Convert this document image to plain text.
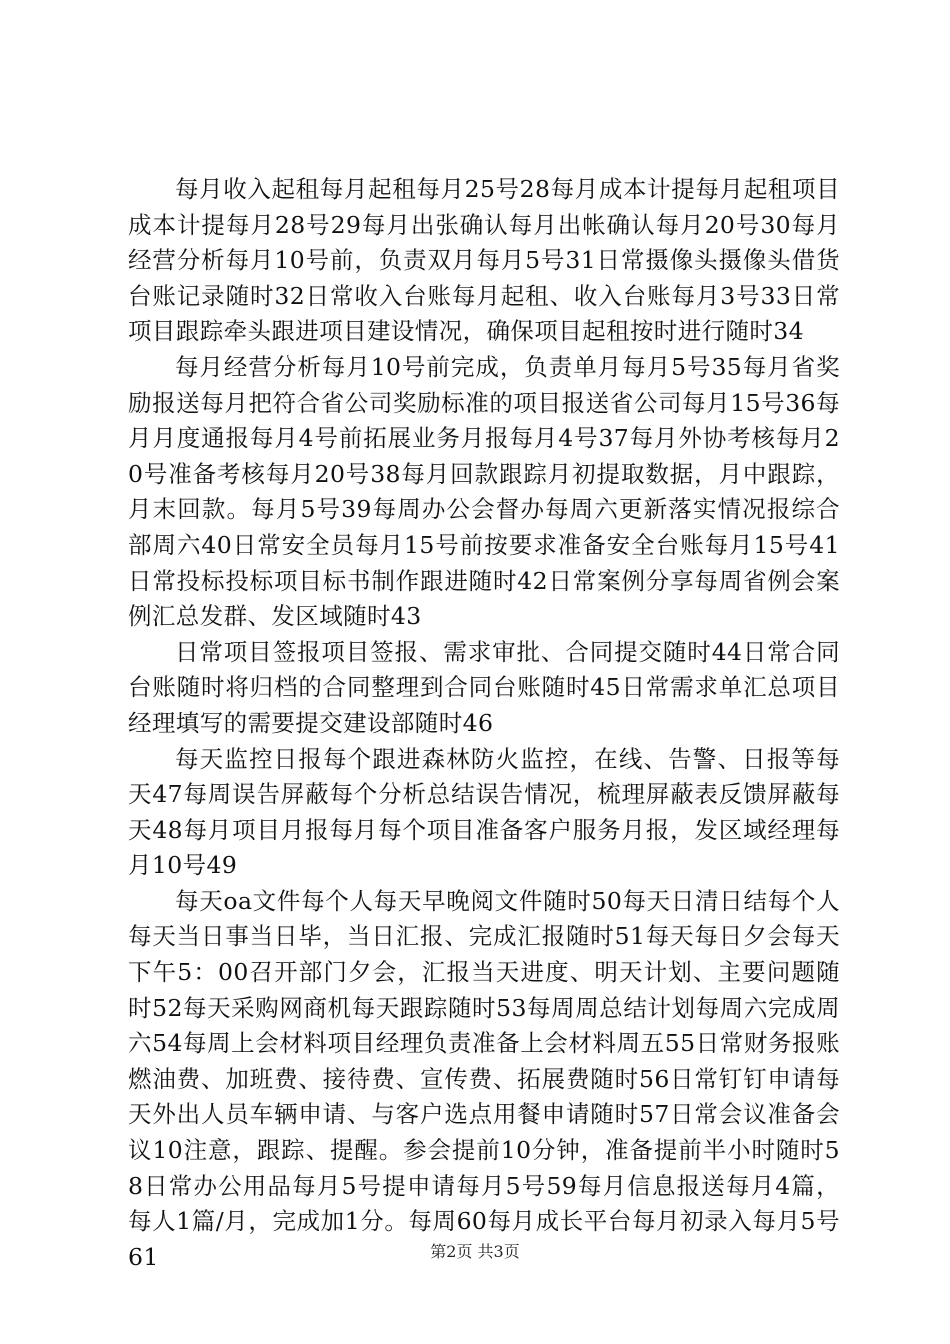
每月收入起租每月起租每月25号28每月成本计提每月起租项目成本计提每月28号29每月出张确认每月出帐确认每月20号30每月经营分析每月10号前，负责双月每月5号31日常摄像头摄像头借货台账记录随时32日常收入台账每月起租、收入台账每月3号33日常项目跟踪牵头跟进项目建设情况，确保项目起租按时进行随时34

每月经营分析每月10号前完成，负责单月每月5号35每月省奖励报送每月把符合省公司奖励标准的项目报送省公司每月15号36每月月度通报每月4号前拓展业务月报每月4号37每月外协考核每月20号准备考核每月20号38每月回款跟踪月初提取数据，月中跟踪，月末回款。每月5号39每周办公会督办每周六更新落实情况报综合部周六40日常安全员每月15号前按要求准备安全台账每月15号41日常投标投标项目标书制作跟进随时42日常案例分享每周省例会案例汇总发群、发区域随时43

日常项目签报项目签报、需求审批、合同提交随时44日常合同台账随时将归档的合同整理到合同台账随时45日常需求单汇总项目经理填写的需要提交建设部随时46

每天监控日报每个跟进森林防火监控，在线、告警、日报等每天47每周误告屏蔽每个分析总结误告情况，梳理屏蔽表反馈屏蔽每天48每月项目月报每月每个项目准备客户服务月报，发区域经理每月10号49

每天oa文件每个人每天早晚阅文件随时50每天日清日结每个人每天当日事当日毕，当日汇报、完成汇报随时51每天每日夕会每天下午5：00召开部门夕会，汇报当天进度、明天计划、主要问题随时52每天采购网商机每天跟踪随时53每周周总结计划每周六完成周六54每周上会材料项目经理负责准备上会材料周五55日常财务报账燃油费、加班费、接待费、宣传费、拓展费随时56日常钉钉申请每天外出人员车辆申请、与客户选点用餐申请随时57日常会议准备会议10注意，跟踪、提醒。参会提前10分钟，准备提前半小时随时58日常办公用品每月5号提申请每月5号59每月信息报送每月4篇，每人1篇/月，完成加1分。每周60每月成长平台每月初录入每月5号61	第2页 共3页
